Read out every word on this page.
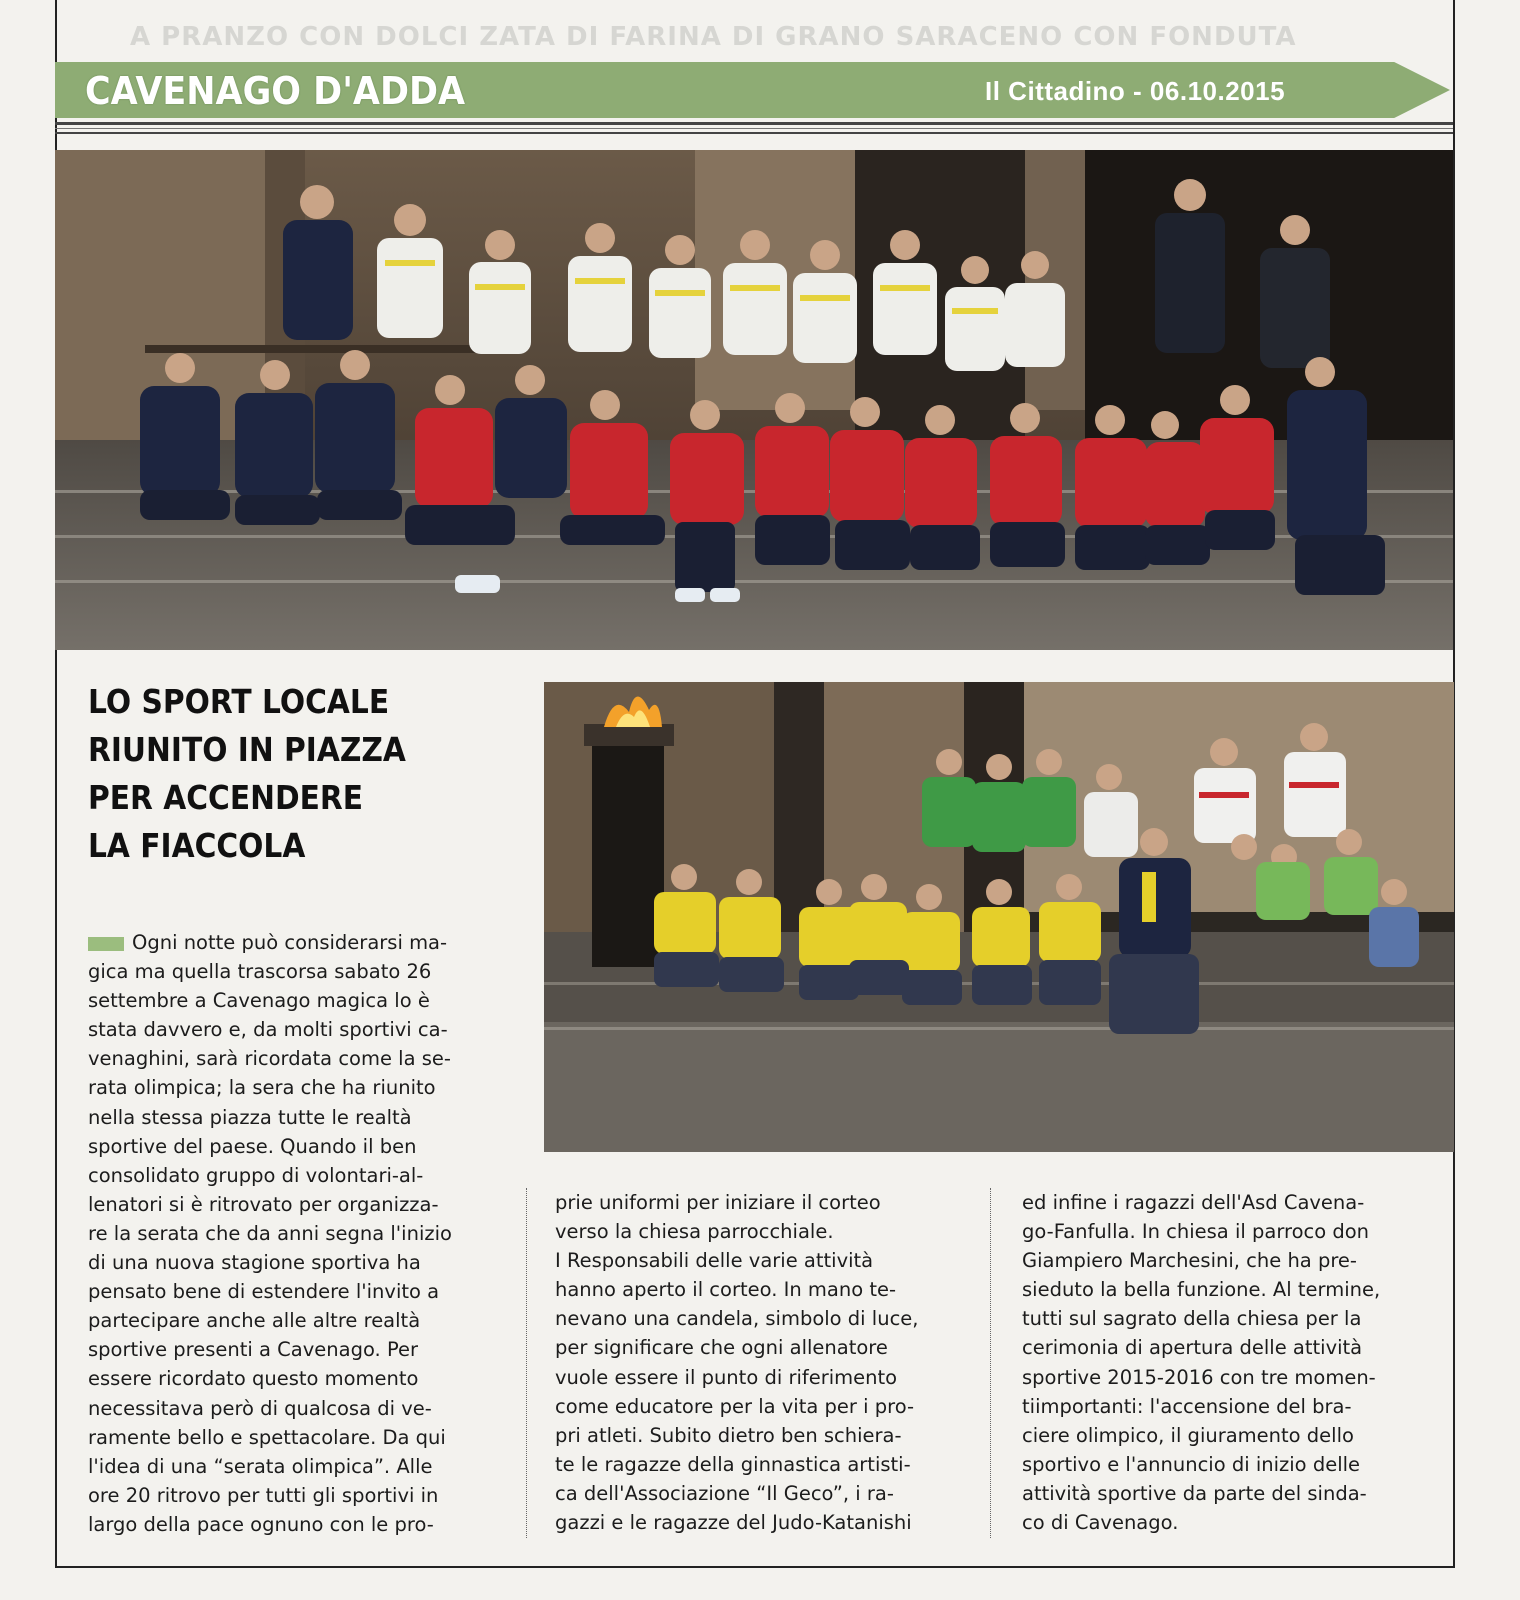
A PRANZO CON DOLCI ZATA DI FARINA DI GRANO SARACENO CON FONDUTA
CAVENAGO D'ADDA	Il Cittadino - 06.10.2015
LO SPORT LOCALE
RIUNITO IN PIAZZA
PER ACCENDERE
LA FIACCOLA
Ogni notte può considerarsi ma-
gica ma quella trascorsa sabato 26
settembre a Cavenago magica lo è
stata davvero e, da molti sportivi ca-
venaghini, sarà ricordata come la se-
rata olimpica; la sera che ha riunito
nella stessa piazza tutte le realtà
sportive del paese. Quando il ben
consolidato gruppo di volontari-al-
lenatori si è ritrovato per organizza-
re la serata che da anni segna l'inizio
di una nuova stagione sportiva ha
pensato bene di estendere l'invito a
partecipare anche alle altre realtà
sportive presenti a Cavenago. Per
essere ricordato questo momento
necessitava però di qualcosa di ve-
ramente bello e spettacolare. Da qui
l'idea di una “serata olimpica”. Alle
ore 20 ritrovo per tutti gli sportivi in
largo della pace ognuno con le pro-
prie uniformi per iniziare il corteo
verso la chiesa parrocchiale.
I Responsabili delle varie attività
hanno aperto il corteo. In mano te-
nevano una candela, simbolo di luce,
per significare che ogni allenatore
vuole essere il punto di riferimento
come educatore per la vita per i pro-
pri atleti. Subito dietro ben schiera-
te le ragazze della ginnastica artisti-
ca dell'Associazione “Il Geco”, i ra-
gazzi e le ragazze del Judo-Katanishi
ed infine i ragazzi dell'Asd Cavena-
go-Fanfulla. In chiesa il parroco don
Giampiero Marchesini, che ha pre-
sieduto la bella funzione. Al termine,
tutti sul sagrato della chiesa per la
cerimonia di apertura delle attività
sportive 2015-2016 con tre momen-
tiimportanti: l'accensione del bra-
ciere olimpico, il giuramento dello
sportivo e l'annuncio di inizio delle
attività sportive da parte del sinda-
co di Cavenago.
